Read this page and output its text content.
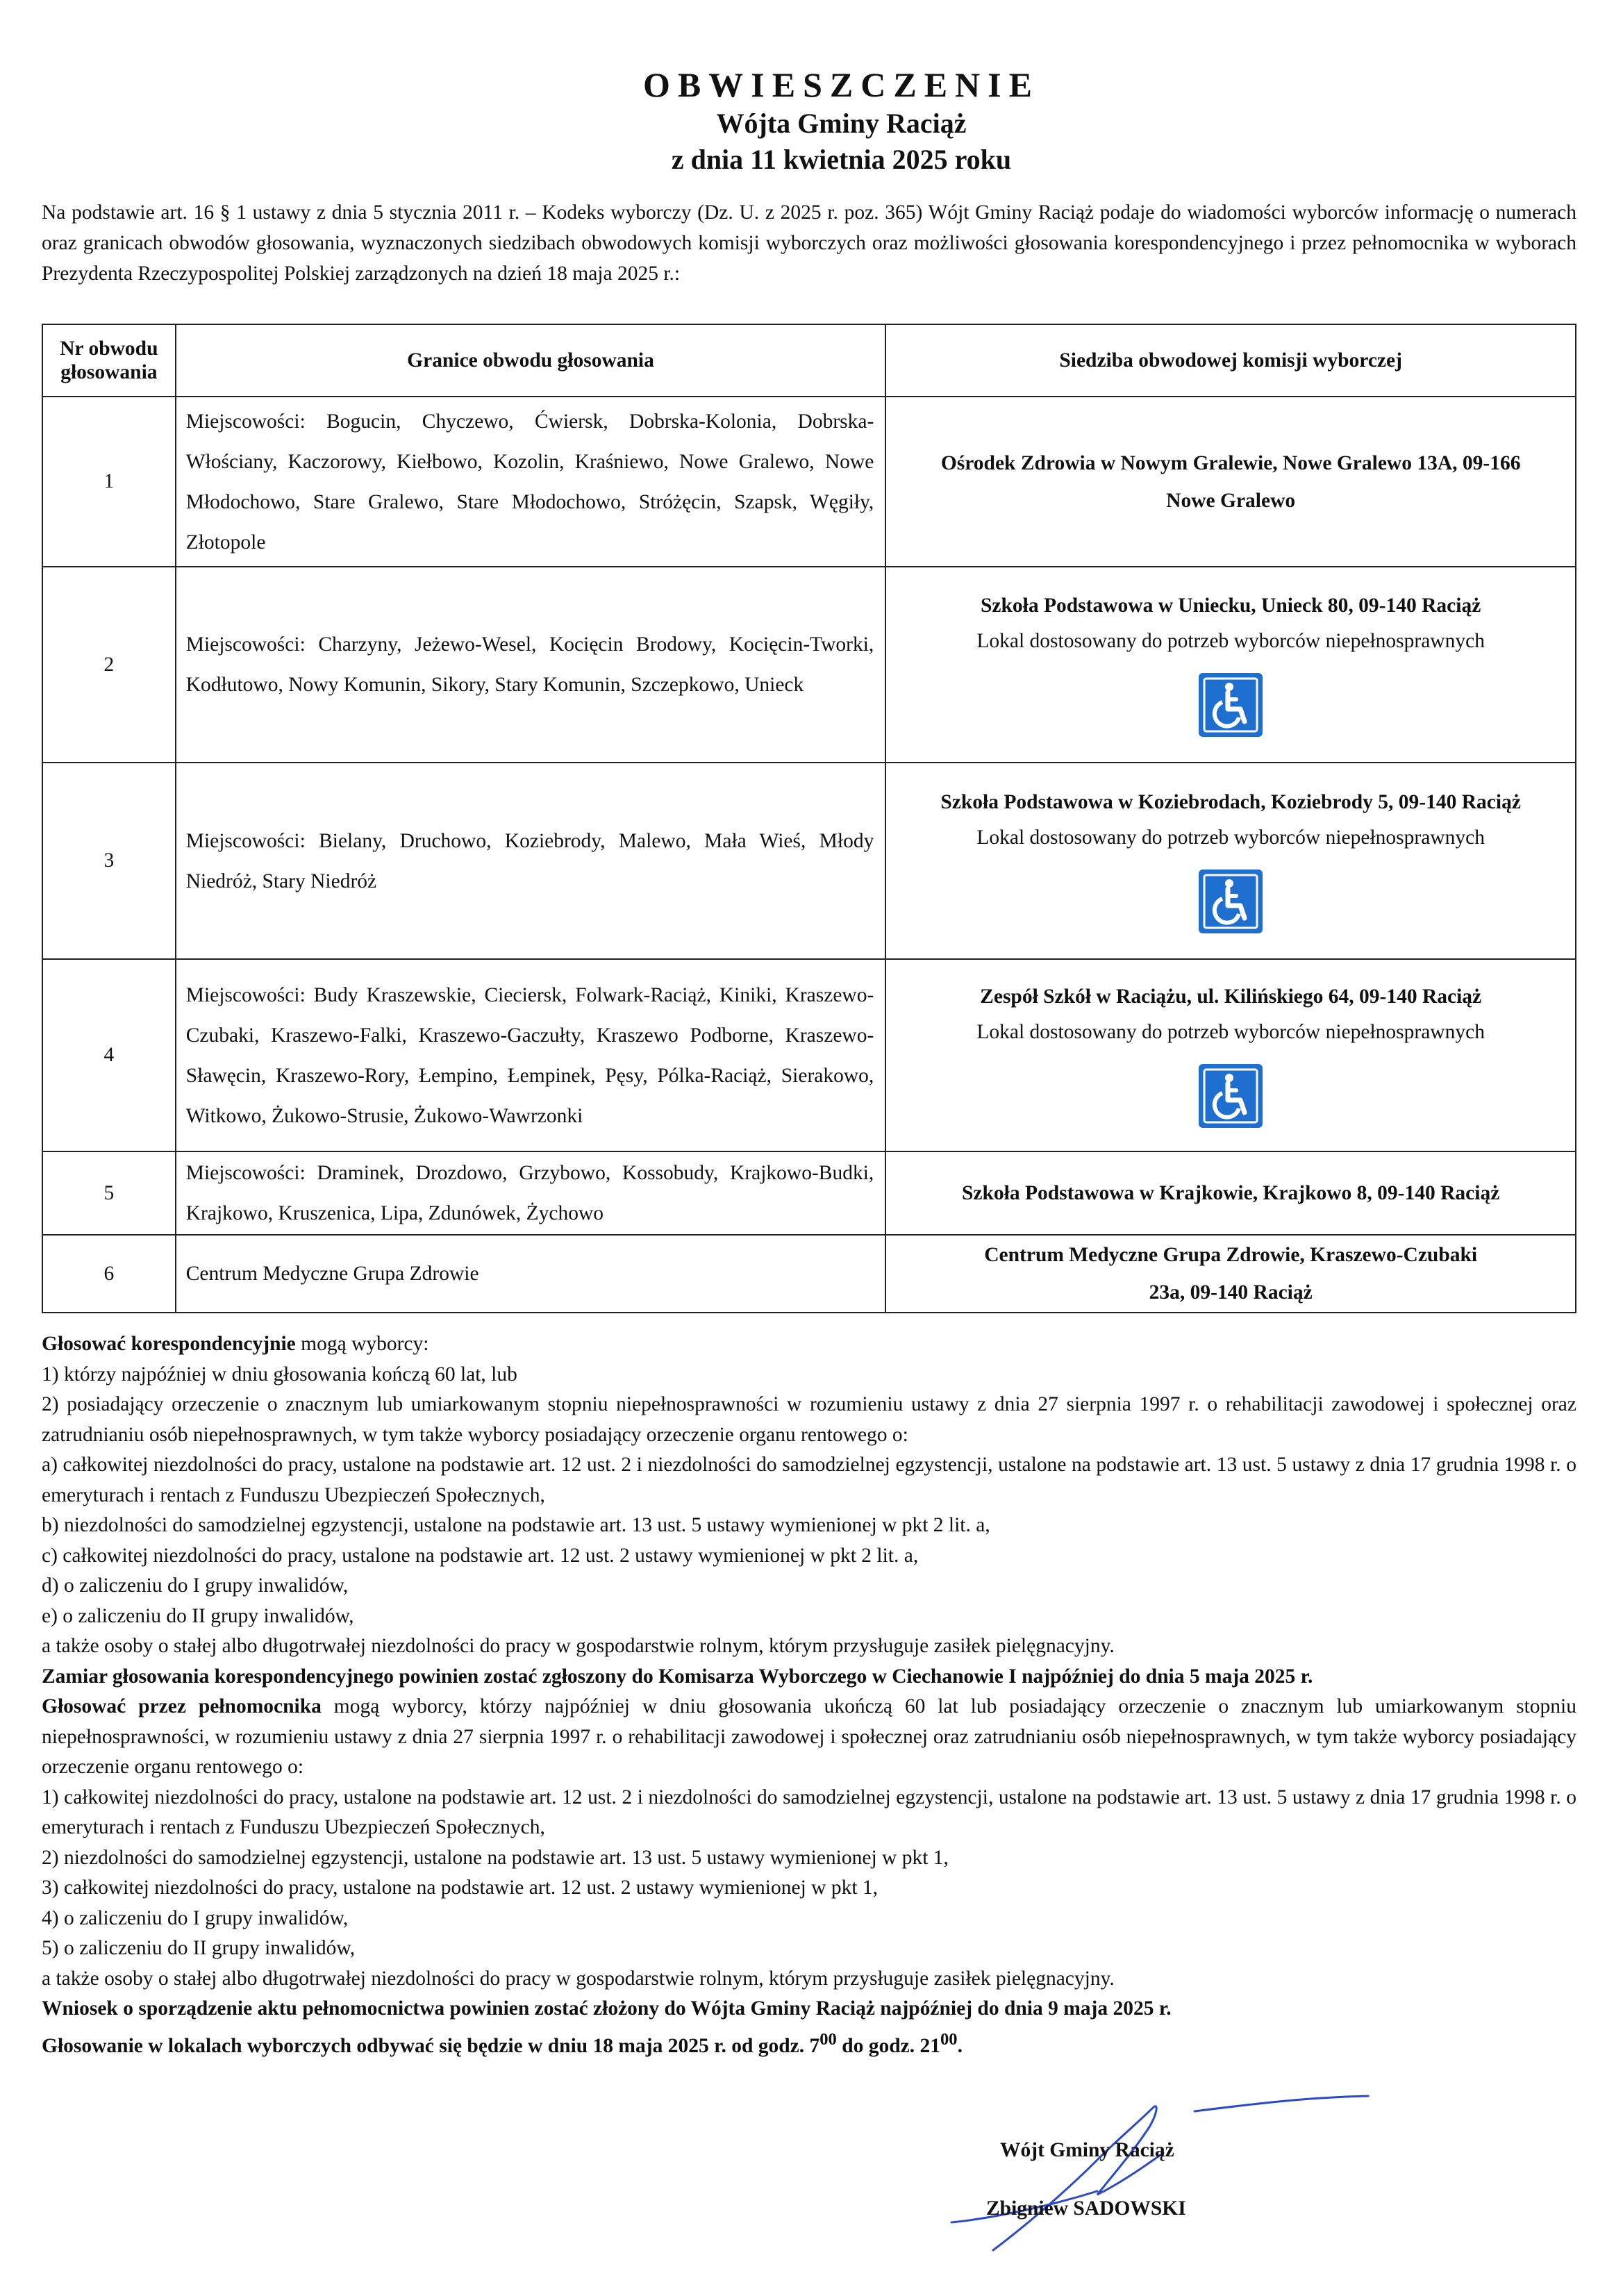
OBWIESZCZENIE
Wójta Gminy Raciąż
z dnia 11 kwietnia 2025 roku
Na podstawie art. 16 § 1 ustawy z dnia 5 stycznia 2011 r. – Kodeks wyborczy (Dz. U. z 2025 r. poz. 365) Wójt Gminy Raciąż podaje do wiadomości wyborców informację o numerach oraz granicach obwodów głosowania, wyznaczonych siedzibach obwodowych komisji wyborczych oraz możliwości głosowania korespondencyjnego i przez pełnomocnika w wyborach Prezydenta Rzeczypospolitej Polskiej zarządzonych na dzień 18 maja 2025 r.:
Nr obwodu głosowania	Granice obwodu głosowania	Siedziba obwodowej komisji wyborczej
1	Miejscowości: Bogucin, Chyczewo, Ćwiersk, Dobrska-Kolonia, Dobrska-Włościany, Kaczorowy, Kiełbowo, Kozolin, Kraśniewo, Nowe Gralewo, Nowe Młodochowo, Stare Gralewo, Stare Młodochowo, Stróżęcin, Szapsk, Węgiły, Złotopole	Ośrodek Zdrowia w Nowym Gralewie, Nowe Gralewo 13A, 09-166 Nowe Gralewo

2	Miejscowości: Charzyny, Jeżewo-Wesel, Kocięcin Brodowy, Kocięcin-Tworki, Kodłutowo, Nowy Komunin, Sikory, Stary Komunin, Szczepkowo, Unieck	Szkoła Podstawowa w Uniecku, Unieck 80, 09-140 Raciąż
Lokal dostosowany do potrzeb wyborców niepełnosprawnych

3	Miejscowości: Bielany, Druchowo, Koziebrody, Malewo, Mała Wieś, Młody Niedróż, Stary Niedróż	Szkoła Podstawowa w Koziebrodach, Koziebrody 5, 09-140 Raciąż
Lokal dostosowany do potrzeb wyborców niepełnosprawnych

4	Miejscowości: Budy Kraszewskie, Cieciersk, Folwark-Raciąż, Kiniki, Kraszewo-Czubaki, Kraszewo-Falki, Kraszewo-Gaczułty, Kraszewo Podborne, Kraszewo-Sławęcin, Kraszewo-Rory, Łempino, Łempinek, Pęsy, Pólka-Raciąż, Sierakowo, Witkowo, Żukowo-Strusie, Żukowo-Wawrzonki	Zespół Szkół w Raciążu, ul. Kilińskiego 64, 09-140 Raciąż
Lokal dostosowany do potrzeb wyborców niepełnosprawnych

5	Miejscowości: Draminek, Drozdowo, Grzybowo, Kossobudy, Krajkowo-Budki, Krajkowo, Kruszenica, Lipa, Zdunówek, Żychowo	Szkoła Podstawowa w Krajkowie, Krajkowo 8, 09-140 Raciąż

6	Centrum Medyczne Grupa Zdrowie	Centrum Medyczne Grupa Zdrowie, Kraszewo-Czubaki 23a, 09-140 Raciąż

Głosować korespondencyjnie mogą wyborcy:

1) którzy najpóźniej w dniu głosowania kończą 60 lat, lub

2) posiadający orzeczenie o znacznym lub umiarkowanym stopniu niepełnosprawności w rozumieniu ustawy z dnia 27 sierpnia 1997 r. o rehabilitacji zawodowej i społecznej oraz zatrudnianiu osób niepełnosprawnych, w tym także wyborcy posiadający orzeczenie organu rentowego o:

a) całkowitej niezdolności do pracy, ustalone na podstawie art. 12 ust. 2 i niezdolności do samodzielnej egzystencji, ustalone na podstawie art. 13 ust. 5 ustawy z dnia 17 grudnia 1998 r. o emeryturach i rentach z Funduszu Ubezpieczeń Społecznych,

b) niezdolności do samodzielnej egzystencji, ustalone na podstawie art. 13 ust. 5 ustawy wymienionej w pkt 2 lit. a,

c) całkowitej niezdolności do pracy, ustalone na podstawie art. 12 ust. 2 ustawy wymienionej w pkt 2 lit. a,

d) o zaliczeniu do I grupy inwalidów,

e) o zaliczeniu do II grupy inwalidów,

a także osoby o stałej albo długotrwałej niezdolności do pracy w gospodarstwie rolnym, którym przysługuje zasiłek pielęgnacyjny.

Zamiar głosowania korespondencyjnego powinien zostać zgłoszony do Komisarza Wyborczego w Ciechanowie I najpóźniej do dnia 5 maja 2025 r.

Głosować przez pełnomocnika mogą wyborcy, którzy najpóźniej w dniu głosowania ukończą 60 lat lub posiadający orzeczenie o znacznym lub umiarkowanym stopniu niepełnosprawności, w rozumieniu ustawy z dnia 27 sierpnia 1997 r. o rehabilitacji zawodowej i społecznej oraz zatrudnianiu osób niepełnosprawnych, w tym także wyborcy posiadający orzeczenie organu rentowego o:

1) całkowitej niezdolności do pracy, ustalone na podstawie art. 12 ust. 2 i niezdolności do samodzielnej egzystencji, ustalone na podstawie art. 13 ust. 5 ustawy z dnia 17 grudnia 1998 r. o emeryturach i rentach z Funduszu Ubezpieczeń Społecznych,

2) niezdolności do samodzielnej egzystencji, ustalone na podstawie art. 13 ust. 5 ustawy wymienionej w pkt 1,

3) całkowitej niezdolności do pracy, ustalone na podstawie art. 12 ust. 2 ustawy wymienionej w pkt 1,

4) o zaliczeniu do I grupy inwalidów,

5) o zaliczeniu do II grupy inwalidów,

a także osoby o stałej albo długotrwałej niezdolności do pracy w gospodarstwie rolnym, którym przysługuje zasiłek pielęgnacyjny.

Wniosek o sporządzenie aktu pełnomocnictwa powinien zostać złożony do Wójta Gminy Raciąż najpóźniej do dnia 9 maja 2025 r.

Głosowanie w lokalach wyborczych odbywać się będzie w dniu 18 maja 2025 r. od godz. $7^{00}$ do godz. $21^{00}$.

Wójt Gminy Raciąż
Zbigniew SADOWSKI
